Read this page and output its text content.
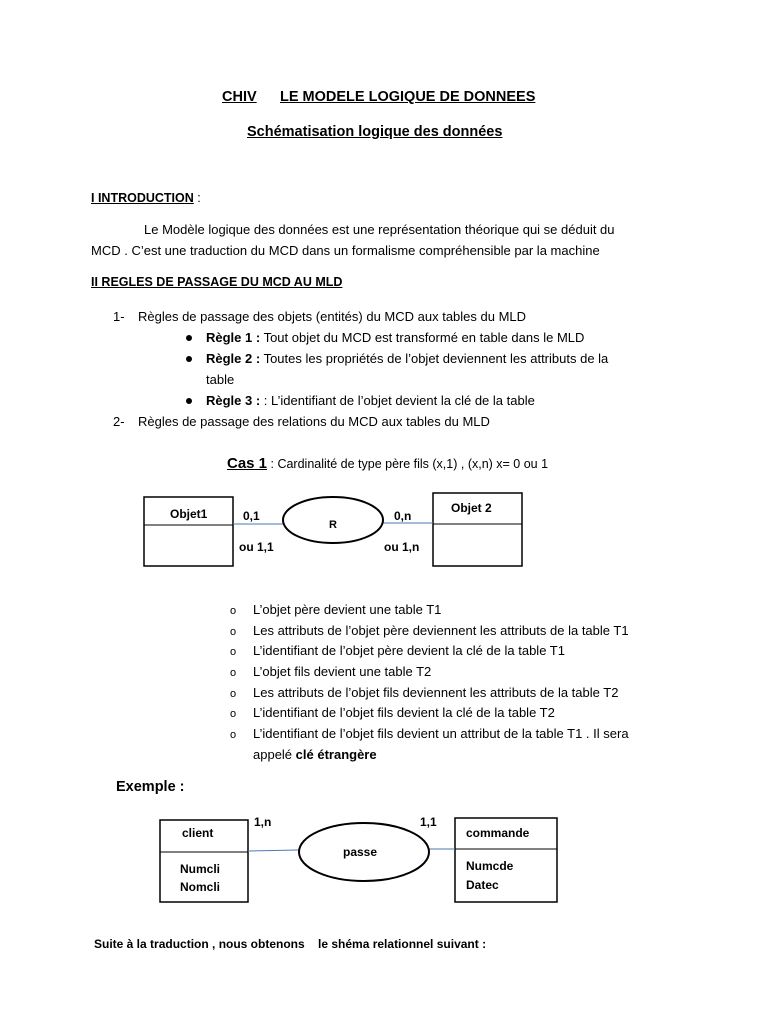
CHIV LE MODELE LOGIQUE DE DONNEES
Schématisation logique des données
I INTRODUCTION :
Le Modèle logique des données est une représentation théorique qui se déduit du
MCD . C’est une traduction du MCD dans un formalisme compréhensible par la machine
II REGLES DE PASSAGE DU MCD AU MLD
1- Règles de passage des objets (entités) du MCD aux tables du MLD
Règle 1 : Tout objet du MCD est transformé en table dans le MLD
Règle 2 : Toutes les propriétés de l’objet deviennent les attributs de la
table
Règle 3 : : L’identifiant de l’objet devient la clé de la table
2- Règles de passage des relations du MCD aux tables du MLD
Cas 1 : Cardinalité de type père fils (x,1) , (x,n) x= 0 ou 1
Objet1	Objet 2
R
0,1
ou 1,1
0,n
ou 1,n
o L’objet père devient une table T1
o Les attributs de l’objet père deviennent les attributs de la table T1
o L’identifiant de l’objet père devient la clé de la table T1
o L’objet fils devient une table T2
o Les attributs de l’objet fils deviennent les attributs de la table T2
o L’identifiant de l’objet fils devient la clé de la table T2
o L’identifiant de l’objet fils devient un attribut de la table T1 . Il sera
appelé clé étrangère
Exemple :
1,n	1,1
client
Numcli
Nomcli
passe
commande
Numcde
Datec
Suite à la traduction , nous obtenons    le shéma relationnel suivant :
